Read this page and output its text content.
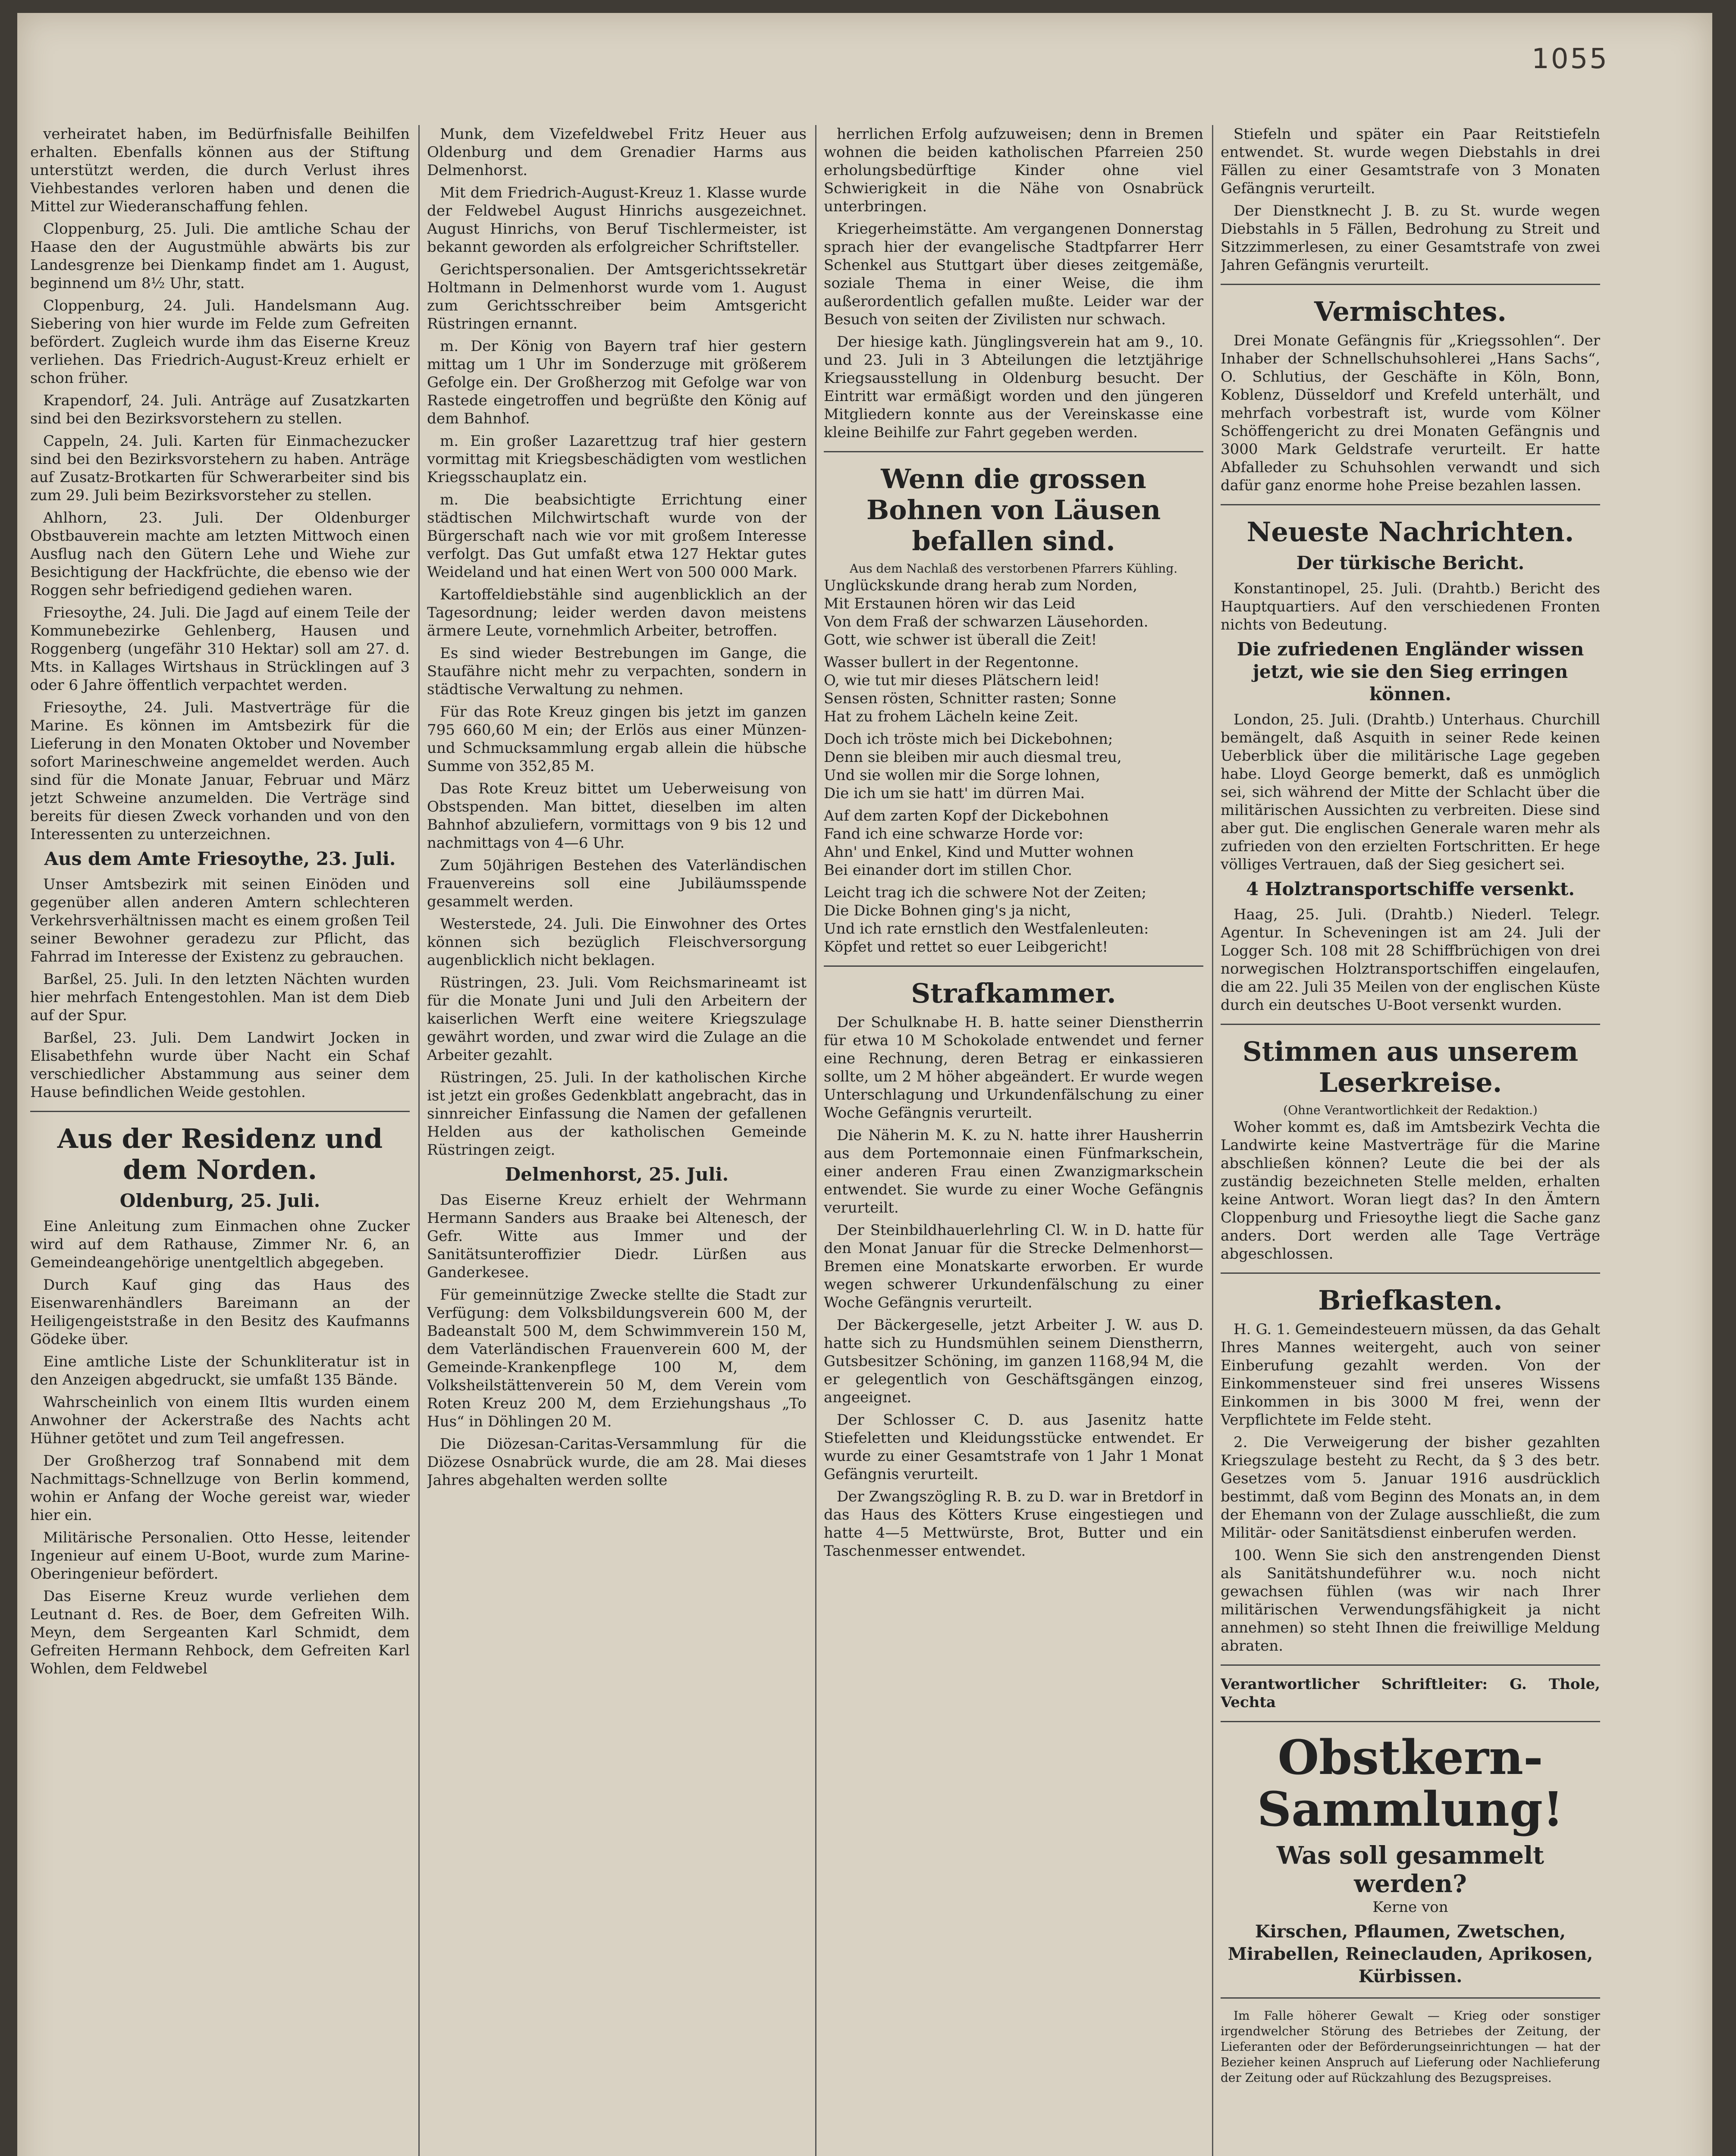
1055

verheiratet haben, im Bedürfnisfalle Beihilfen erhalten. Ebenfalls können aus der Stiftung unterstützt werden, die durch Verlust ihres Viehbestandes verloren haben und denen die Mittel zur Wiederanschaffung fehlen.

Cloppenburg, 25. Juli. Die amtliche Schau der Haase den der Augustmühle abwärts bis zur Landesgrenze bei Dienkamp findet am 1. August, beginnend um 8½ Uhr, statt.

Cloppenburg, 24. Juli. Handelsmann Aug. Siebering von hier wurde im Felde zum Gefreiten befördert. Zugleich wurde ihm das Eiserne Kreuz verliehen. Das Friedrich-August-Kreuz erhielt er schon früher.

Krapendorf, 24. Juli. Anträge auf Zusatzkarten sind bei den Bezirksvorstehern zu stellen.

Cappeln, 24. Juli. Karten für Einmachezucker sind bei den Bezirksvorstehern zu haben. Anträge auf Zusatz-Brotkarten für Schwerarbeiter sind bis zum 29. Juli beim Bezirksvorsteher zu stellen.

Ahlhorn, 23. Juli. Der Oldenburger Obstbauverein machte am letzten Mittwoch einen Ausflug nach den Gütern Lehe und Wiehe zur Besichtigung der Hackfrüchte, die ebenso wie der Roggen sehr befriedigend gediehen waren.

Friesoythe, 24. Juli. Die Jagd auf einem Teile der Kommunebezirke Gehlenberg, Hausen und Roggenberg (ungefähr 310 Hektar) soll am 27. d. Mts. in Kallages Wirtshaus in Strücklingen auf 3 oder 6 Jahre öffentlich verpachtet werden.

Friesoythe, 24. Juli. Mastverträge für die Marine. Es können im Amtsbezirk für die Lieferung in den Monaten Oktober und November sofort Marineschweine angemeldet werden. Auch sind für die Monate Januar, Februar und März jetzt Schweine anzumelden. Die Verträge sind bereits für diesen Zweck vorhanden und von den Interessenten zu unterzeichnen.

Aus dem Amte Friesoythe, 23. Juli.

Unser Amtsbezirk mit seinen Einöden und gegenüber allen anderen Amtern schlechteren Verkehrsverhältnissen macht es einem großen Teil seiner Bewohner geradezu zur Pflicht, das Fahrrad im Interesse der Existenz zu gebrauchen.

Barßel, 25. Juli. In den letzten Nächten wurden hier mehrfach Entengestohlen. Man ist dem Dieb auf der Spur.

Barßel, 23. Juli. Dem Landwirt Jocken in Elisabethfehn wurde über Nacht ein Schaf verschiedlicher Abstammung aus seiner dem Hause befindlichen Weide gestohlen.

Aus der Residenz und dem Norden.
Oldenburg, 25. Juli.

Eine Anleitung zum Einmachen ohne Zucker wird auf dem Rathause, Zimmer Nr. 6, an Gemeindeangehörige unentgeltlich abgegeben.

Durch Kauf ging das Haus des Eisenwarenhändlers Bareimann an der Heiligengeiststraße in den Besitz des Kaufmanns Gödeke über.

Eine amtliche Liste der Schunkliteratur ist in den Anzeigen abgedruckt, sie umfaßt 135 Bände.

Wahrscheinlich von einem Iltis wurden einem Anwohner der Ackerstraße des Nachts acht Hühner getötet und zum Teil angefressen.

Der Großherzog traf Sonnabend mit dem Nachmittags-Schnellzuge von Berlin kommend, wohin er Anfang der Woche gereist war, wieder hier ein.

Militärische Personalien. Otto Hesse, leitender Ingenieur auf einem U-Boot, wurde zum Marine-Oberingenieur befördert.

Das Eiserne Kreuz wurde verliehen dem Leutnant d. Res. de Boer, dem Gefreiten Wilh. Meyn, dem Sergeanten Karl Schmidt, dem Gefreiten Hermann Rehbock, dem Gefreiten Karl Wohlen, dem Feldwebel

Munk, dem Vizefeldwebel Fritz Heuer aus Oldenburg und dem Grenadier Harms aus Delmenhorst.

Mit dem Friedrich-August-Kreuz 1. Klasse wurde der Feldwebel August Hinrichs ausgezeichnet. August Hinrichs, von Beruf Tischlermeister, ist bekannt geworden als erfolgreicher Schriftsteller.

Gerichtspersonalien. Der Amtsgerichtssekretär Holtmann in Delmenhorst wurde vom 1. August zum Gerichtsschreiber beim Amtsgericht Rüstringen ernannt.

m. Der König von Bayern traf hier gestern mittag um 1 Uhr im Sonderzuge mit größerem Gefolge ein. Der Großherzog mit Gefolge war von Rastede eingetroffen und begrüßte den König auf dem Bahnhof.

m. Ein großer Lazarettzug traf hier gestern vormittag mit Kriegsbeschädigten vom westlichen Kriegsschauplatz ein.

m. Die beabsichtigte Errichtung einer städtischen Milchwirtschaft wurde von der Bürgerschaft nach wie vor mit großem Interesse verfolgt. Das Gut umfaßt etwa 127 Hektar gutes Weideland und hat einen Wert von 500 000 Mark.

Kartoffeldiebstähle sind augenblicklich an der Tagesordnung; leider werden davon meistens ärmere Leute, vornehmlich Arbeiter, betroffen.

Es sind wieder Bestrebungen im Gange, die Staufähre nicht mehr zu verpachten, sondern in städtische Verwaltung zu nehmen.

Für das Rote Kreuz gingen bis jetzt im ganzen 795 660,60 M ein; der Erlös aus einer Münzen- und Schmucksammlung ergab allein die hübsche Summe von 352,85 M.

Das Rote Kreuz bittet um Ueberweisung von Obstspenden. Man bittet, dieselben im alten Bahnhof abzuliefern, vormittags von 9 bis 12 und nachmittags von 4—6 Uhr.

Zum 50jährigen Bestehen des Vaterländischen Frauenvereins soll eine Jubiläumsspende gesammelt werden.

Westerstede, 24. Juli. Die Einwohner des Ortes können sich bezüglich Fleischversorgung augenblicklich nicht beklagen.

Rüstringen, 23. Juli. Vom Reichsmarineamt ist für die Monate Juni und Juli den Arbeitern der kaiserlichen Werft eine weitere Kriegszulage gewährt worden, und zwar wird die Zulage an die Arbeiter gezahlt.

Rüstringen, 25. Juli. In der katholischen Kirche ist jetzt ein großes Gedenkblatt angebracht, das in sinnreicher Einfassung die Namen der gefallenen Helden aus der katholischen Gemeinde Rüstringen zeigt.

Delmenhorst, 25. Juli.

Das Eiserne Kreuz erhielt der Wehrmann Hermann Sanders aus Braake bei Altenesch, der Gefr. Witte aus Immer und der Sanitätsunteroffizier Diedr. Lürßen aus Ganderkesee.

Für gemeinnützige Zwecke stellte die Stadt zur Verfügung: dem Volksbildungsverein 600 M, der Badeanstalt 500 M, dem Schwimmverein 150 M, dem Vaterländischen Frauenverein 600 M, der Gemeinde-Krankenpflege 100 M, dem Volksheilstättenverein 50 M, dem Verein vom Roten Kreuz 200 M, dem Erziehungshaus „To Hus“ in Döhlingen 20 M.

Die Diözesan-Caritas-Versammlung für die Diözese Osnabrück wurde, die am 28. Mai dieses Jahres abgehalten werden sollte

herrlichen Erfolg aufzuweisen; denn in Bremen wohnen die beiden katholischen Pfarreien 250 erholungsbedürftige Kinder ohne viel Schwierigkeit in die Nähe von Osnabrück unterbringen.

Kriegerheimstätte. Am vergangenen Donnerstag sprach hier der evangelische Stadtpfarrer Herr Schenkel aus Stuttgart über dieses zeitgemäße, soziale Thema in einer Weise, die ihm außerordentlich gefallen mußte. Leider war der Besuch von seiten der Zivilisten nur schwach.

Der hiesige kath. Jünglingsverein hat am 9., 10. und 23. Juli in 3 Abteilungen die letztjährige Kriegsausstellung in Oldenburg besucht. Der Eintritt war ermäßigt worden und den jüngeren Mitgliedern konnte aus der Vereinskasse eine kleine Beihilfe zur Fahrt gegeben werden.

Wenn die grossen Bohnen von Läusen befallen sind.
Aus dem Nachlaß des verstorbenen Pfarrers Kühling.

Unglückskunde drang herab zum Norden,
Mit Erstaunen hören wir das Leid
Von dem Fraß der schwarzen Läusehorden.
Gott, wie schwer ist überall die Zeit!

Wasser bullert in der Regentonne.
O, wie tut mir dieses Plätschern leid!
Sensen rösten, Schnitter rasten; Sonne
Hat zu frohem Lächeln keine Zeit.

Doch ich tröste mich bei Dickebohnen;
Denn sie bleiben mir auch diesmal treu,
Und sie wollen mir die Sorge lohnen,
Die ich um sie hatt' im dürren Mai.

Auf dem zarten Kopf der Dickebohnen
Fand ich eine schwarze Horde vor:
Ahn' und Enkel, Kind und Mutter wohnen
Bei einander dort im stillen Chor.

Leicht trag ich die schwere Not der Zeiten;
Die Dicke Bohnen ging's ja nicht,
Und ich rate ernstlich den Westfalenleuten:
Köpfet und rettet so euer Leibgericht!

Strafkammer.

Der Schulknabe H. B. hatte seiner Dienstherrin für etwa 10 M Schokolade entwendet und ferner eine Rechnung, deren Betrag er einkassieren sollte, um 2 M höher abgeändert. Er wurde wegen Unterschlagung und Urkundenfälschung zu einer Woche Gefängnis verurteilt.

Die Näherin M. K. zu N. hatte ihrer Hausherrin aus dem Portemonnaie einen Fünfmarkschein, einer anderen Frau einen Zwanzigmarkschein entwendet. Sie wurde zu einer Woche Gefängnis verurteilt.

Der Steinbildhauerlehrling Cl. W. in D. hatte für den Monat Januar für die Strecke Delmenhorst—Bremen eine Monatskarte erworben. Er wurde wegen schwerer Urkundenfälschung zu einer Woche Gefängnis verurteilt.

Der Bäckergeselle, jetzt Arbeiter J. W. aus D. hatte sich zu Hundsmühlen seinem Dienstherrn, Gutsbesitzer Schöning, im ganzen 1168,94 M, die er gelegentlich von Geschäftsgängen einzog, angeeignet.

Der Schlosser C. D. aus Jasenitz hatte Stiefeletten und Kleidungsstücke entwendet. Er wurde zu einer Gesamtstrafe von 1 Jahr 1 Monat Gefängnis verurteilt.

Der Zwangszögling R. B. zu D. war in Bretdorf in das Haus des Kötters Kruse eingestiegen und hatte 4—5 Mettwürste, Brot, Butter und ein Taschenmesser entwendet.

Stiefeln und später ein Paar Reitstiefeln entwendet. St. wurde wegen Diebstahls in drei Fällen zu einer Gesamtstrafe von 3 Monaten Gefängnis verurteilt.

Der Dienstknecht J. B. zu St. wurde wegen Diebstahls in 5 Fällen, Bedrohung zu Streit und Sitzzimmerlesen, zu einer Gesamtstrafe von zwei Jahren Gefängnis verurteilt.

Vermischtes.

Drei Monate Gefängnis für „Kriegssohlen“. Der Inhaber der Schnellschuhsohlerei „Hans Sachs“, O. Schlutius, der Geschäfte in Köln, Bonn, Koblenz, Düsseldorf und Krefeld unterhält, und mehrfach vorbestraft ist, wurde vom Kölner Schöffengericht zu drei Monaten Gefängnis und 3000 Mark Geldstrafe verurteilt. Er hatte Abfalleder zu Schuhsohlen verwandt und sich dafür ganz enorme hohe Preise bezahlen lassen.

Neueste Nachrichten.
Der türkische Bericht.

Konstantinopel, 25. Juli. (Drahtb.) Bericht des Hauptquartiers. Auf den verschiedenen Fronten nichts von Bedeutung.

Die zufriedenen Engländer wissen jetzt, wie sie den Sieg erringen können.

London, 25. Juli. (Drahtb.) Unterhaus. Churchill bemängelt, daß Asquith in seiner Rede keinen Ueberblick über die militärische Lage gegeben habe. Lloyd George bemerkt, daß es unmöglich sei, sich während der Mitte der Schlacht über die militärischen Aussichten zu verbreiten. Diese sind aber gut. Die englischen Generale waren mehr als zufrieden von den erzielten Fortschritten. Er hege völliges Vertrauen, daß der Sieg gesichert sei.

4 Holztransportschiffe versenkt.

Haag, 25. Juli. (Drahtb.) Niederl. Telegr. Agentur. In Scheveningen ist am 24. Juli der Logger Sch. 108 mit 28 Schiffbrüchigen von drei norwegischen Holztransportschiffen eingelaufen, die am 22. Juli 35 Meilen von der englischen Küste durch ein deutsches U-Boot versenkt wurden.

Stimmen aus unserem Leserkreise.
(Ohne Verantwortlichkeit der Redaktion.)

Woher kommt es, daß im Amtsbezirk Vechta die Landwirte keine Mastverträge für die Marine abschließen können? Leute die bei der als zuständig bezeichneten Stelle melden, erhalten keine Antwort. Woran liegt das? In den Ämtern Cloppenburg und Friesoythe liegt die Sache ganz anders. Dort werden alle Tage Verträge abgeschlossen.

Briefkasten.

H. G. 1. Gemeindesteuern müssen, da das Gehalt Ihres Mannes weitergeht, auch von seiner Einberufung gezahlt werden. Von der Einkommensteuer sind frei unseres Wissens Einkommen in bis 3000 M frei, wenn der Verpflichtete im Felde steht.

2. Die Verweigerung der bisher gezahlten Kriegszulage besteht zu Recht, da § 3 des betr. Gesetzes vom 5. Januar 1916 ausdrücklich bestimmt, daß vom Beginn des Monats an, in dem der Ehemann von der Zulage ausschließt, die zum Militär- oder Sanitätsdienst einberufen werden.

100. Wenn Sie sich den anstrengenden Dienst als Sanitätshundeführer w.u. noch nicht gewachsen fühlen (was wir nach Ihrer militärischen Verwendungsfähigkeit ja nicht annehmen) so steht Ihnen die freiwillige Meldung abraten.

Verantwortlicher Schriftleiter: G. Thole, Vechta

Obstkern-Sammlung!
Was soll gesammelt werden?
Kerne von
Kirschen, Pflaumen, Zwetschen, Mirabellen, Reineclauden, Aprikosen, Kürbissen.

Im Falle höherer Gewalt — Krieg oder sonstiger irgendwelcher Störung des Betriebes der Zeitung, der Lieferanten oder der Beförderungseinrichtungen — hat der Bezieher keinen Anspruch auf Lieferung oder Nachlieferung der Zeitung oder auf Rückzahlung des Bezugspreises.
